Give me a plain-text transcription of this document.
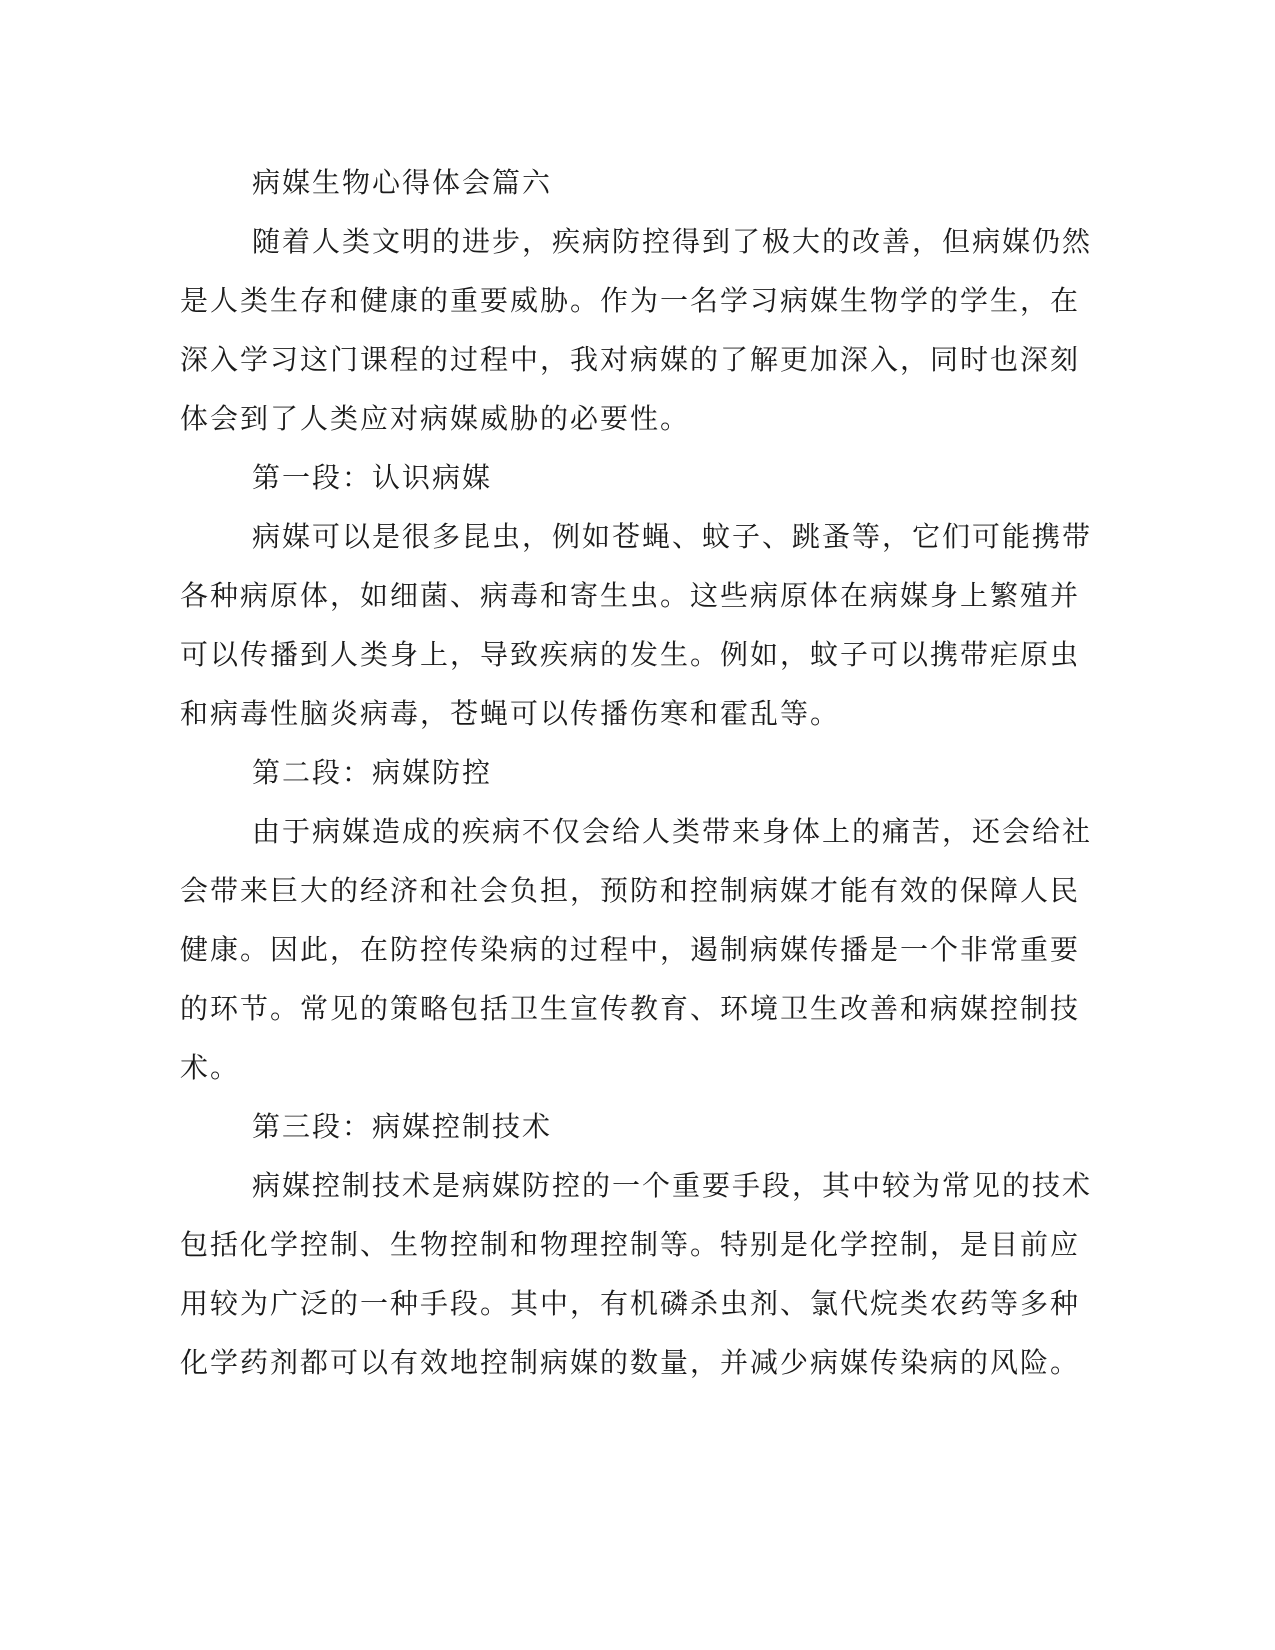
病媒生物心得体会篇六
随着人类文明的进步，疾病防控得到了极大的改善，但病媒仍然
是人类生存和健康的重要威胁。作为一名学习病媒生物学的学生，在
深入学习这门课程的过程中，我对病媒的了解更加深入，同时也深刻
体会到了人类应对病媒威胁的必要性。
第一段：认识病媒
病媒可以是很多昆虫，例如苍蝇、蚊子、跳蚤等，它们可能携带
各种病原体，如细菌、病毒和寄生虫。这些病原体在病媒身上繁殖并
可以传播到人类身上，导致疾病的发生。例如，蚊子可以携带疟原虫
和病毒性脑炎病毒，苍蝇可以传播伤寒和霍乱等。
第二段：病媒防控
由于病媒造成的疾病不仅会给人类带来身体上的痛苦，还会给社
会带来巨大的经济和社会负担，预防和控制病媒才能有效的保障人民
健康。因此，在防控传染病的过程中，遏制病媒传播是一个非常重要
的环节。常见的策略包括卫生宣传教育、环境卫生改善和病媒控制技
术。
第三段：病媒控制技术
病媒控制技术是病媒防控的一个重要手段，其中较为常见的技术
包括化学控制、生物控制和物理控制等。特别是化学控制，是目前应
用较为广泛的一种手段。其中，有机磷杀虫剂、氯代烷类农药等多种
化学药剂都可以有效地控制病媒的数量，并减少病媒传染病的风险。
